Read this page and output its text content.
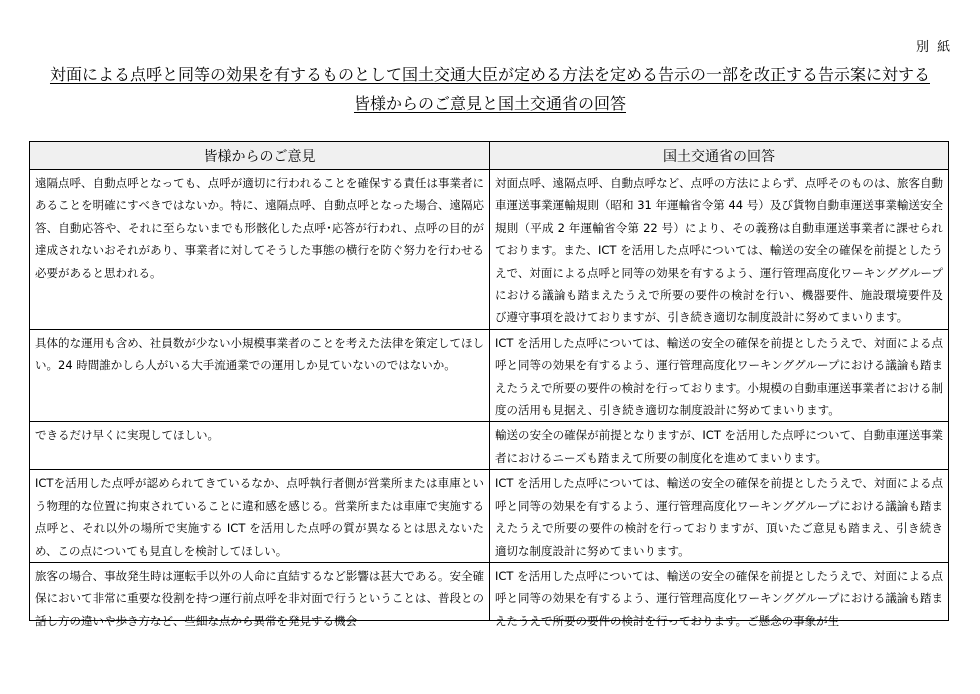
別 紙
対面による点呼と同等の効果を有するものとして国土交通大臣が定める方法を定める告示の一部を改正する告示案に対する
皆様からのご意見と国土交通省の回答
皆様からのご意見	国土交通省の回答
遠隔点呼、自動点呼となっても、点呼が適切に行われることを確保する責任は事業者にあることを明確にすべきではないか。特に、遠隔点呼、自動点呼となった場合、遠隔応答、自動応答や、それに至らないまでも形骸化した点呼･応答が行われ、点呼の目的が達成されないおそれがあり、事業者に対してそうした事態の横行を防ぐ努力を行わせる必要があると思われる。	対面点呼、遠隔点呼、自動点呼など、点呼の方法によらず、点呼そのものは、旅客自動車運送事業運輸規則（昭和 31 年運輸省令第 44 号）及び貨物自動車運送事業輸送安全規則（平成 2 年運輸省令第 22 号）により、その義務は自動車運送事業者に課せられております。また、ICT を活用した点呼については、輸送の安全の確保を前提としたうえで、対面による点呼と同等の効果を有するよう、運行管理高度化ワーキンググループにおける議論も踏まえたうえで所要の要件の検討を行い、機器要件、施設環境要件及び遵守事項を設けておりますが、引き続き適切な制度設計に努めてまいります。
具体的な運用も含め、社員数が少ない小規模事業者のことを考えた法律を策定してほしい。24 時間誰かしら人がいる大手流通業での運用しか見ていないのではないか。	ICT を活用した点呼については、輸送の安全の確保を前提としたうえで、対面による点呼と同等の効果を有するよう、運行管理高度化ワーキンググループにおける議論も踏まえたうえで所要の要件の検討を行っております。小規模の自動車運送事業者における制度の活用も見据え、引き続き適切な制度設計に努めてまいります。
できるだけ早くに実現してほしい。	輸送の安全の確保が前提となりますが、ICT を活用した点呼について、自動車運送事業者におけるニーズも踏まえて所要の制度化を進めてまいります。
ICTを活用した点呼が認められてきているなか、点呼執行者側が営業所または車庫という物理的な位置に拘束されていることに違和感を感じる。営業所または車庫で実施する点呼と、それ以外の場所で実施する ICT を活用した点呼の質が異なるとは思えないため、この点についても見直しを検討してほしい。	ICT を活用した点呼については、輸送の安全の確保を前提としたうえで、対面による点呼と同等の効果を有するよう、運行管理高度化ワーキンググループにおける議論も踏まえたうえで所要の要件の検討を行っておりますが、頂いたご意見も踏まえ、引き続き適切な制度設計に努めてまいります。

旅客の場合、事故発生時は運転手以外の人命に直結するなど影響は甚大である。安全確保において非常に重要な役割を持つ運行前点呼を非対面で行うということは、普段との話し方の違いや歩き方など、些細な点から異常を発見する機会	ICT を活用した点呼については、輸送の安全の確保を前提としたうえで、対面による点呼と同等の効果を有するよう、運行管理高度化ワーキンググループにおける議論も踏まえたうえで所要の要件の検討を行っております。ご懸念の事象が生
